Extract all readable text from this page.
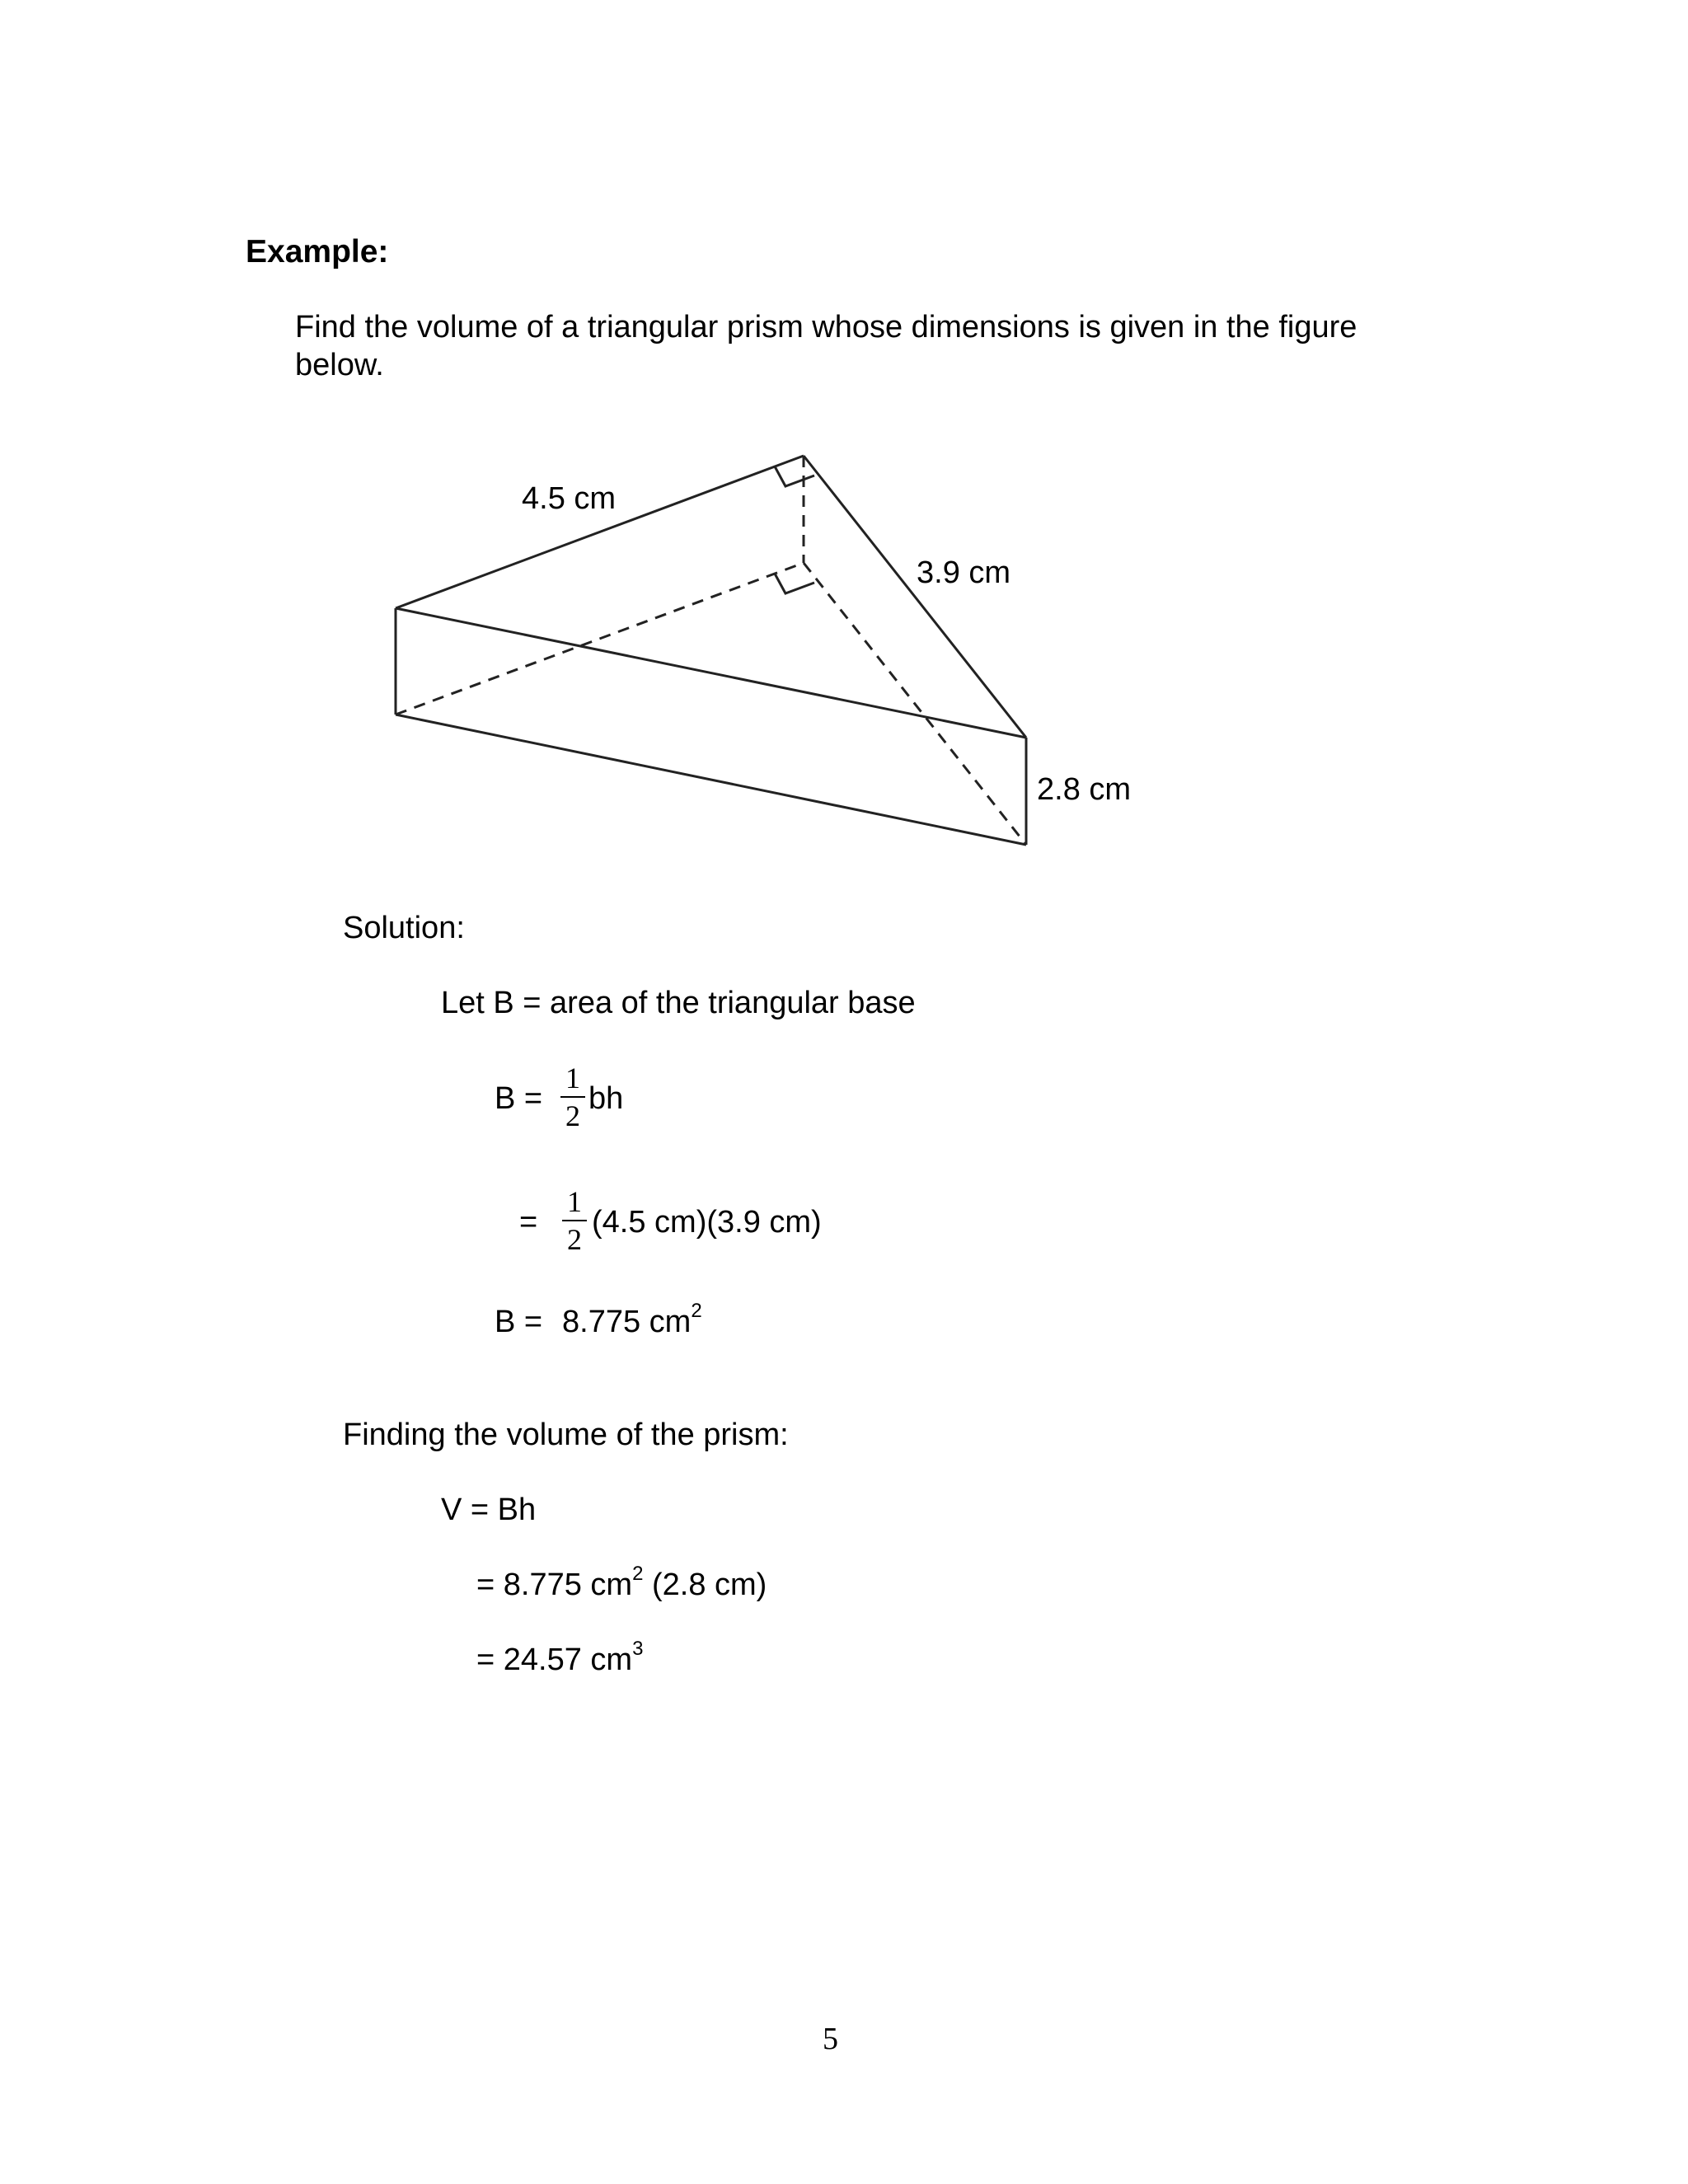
Example:
Find the volume of a triangular prism whose dimensions is given in the figure
below.
4.5 cm
3.9 cm
2.8 cm
Solution:
Let B = area of the triangular base
B =
1
2 bh
=
1
2 (4.5 cm)(3.9 cm)
B = 8.775 $cm^2$
Finding the volume of the prism:
V = Bh
= 8.775 $cm^2$ (2.8 cm)
= 24.57 $cm^3$
5
